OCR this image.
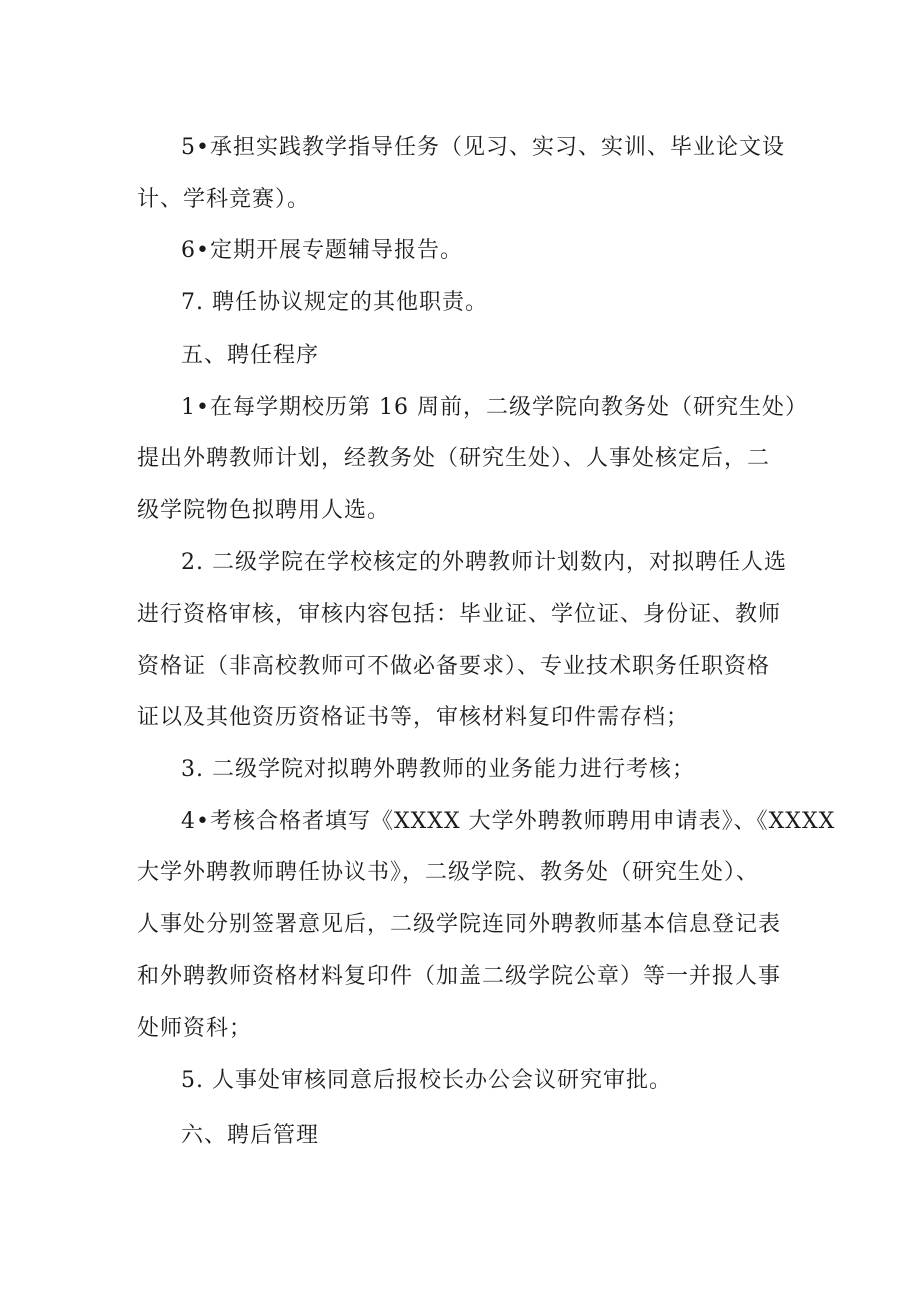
5•承担实践教学指导任务（见习、实习、实训、毕业论文设
计、学科竞赛）。
6•定期开展专题辅导报告。
7. 聘任协议规定的其他职责。
五、聘任程序
1•在每学期校历第 16 周前，二级学院向教务处（研究生处）
提出外聘教师计划，经教务处（研究生处）、人事处核定后，二
级学院物色拟聘用人选。
2. 二级学院在学校核定的外聘教师计划数内，对拟聘任人选
进行资格审核，审核内容包括：毕业证、学位证、身份证、教师
资格证（非高校教师可不做必备要求）、专业技术职务任职资格
证以及其他资历资格证书等，审核材料复印件需存档；
3. 二级学院对拟聘外聘教师的业务能力进行考核；
4•考核合格者填写《XXXX 大学外聘教师聘用申请表》、《XXXX
大学外聘教师聘任协议书》，二级学院、教务处（研究生处）、
人事处分别签署意见后，二级学院连同外聘教师基本信息登记表
和外聘教师资格材料复印件（加盖二级学院公章）等一并报人事
处师资科；
5. 人事处审核同意后报校长办公会议研究审批。
六、聘后管理
